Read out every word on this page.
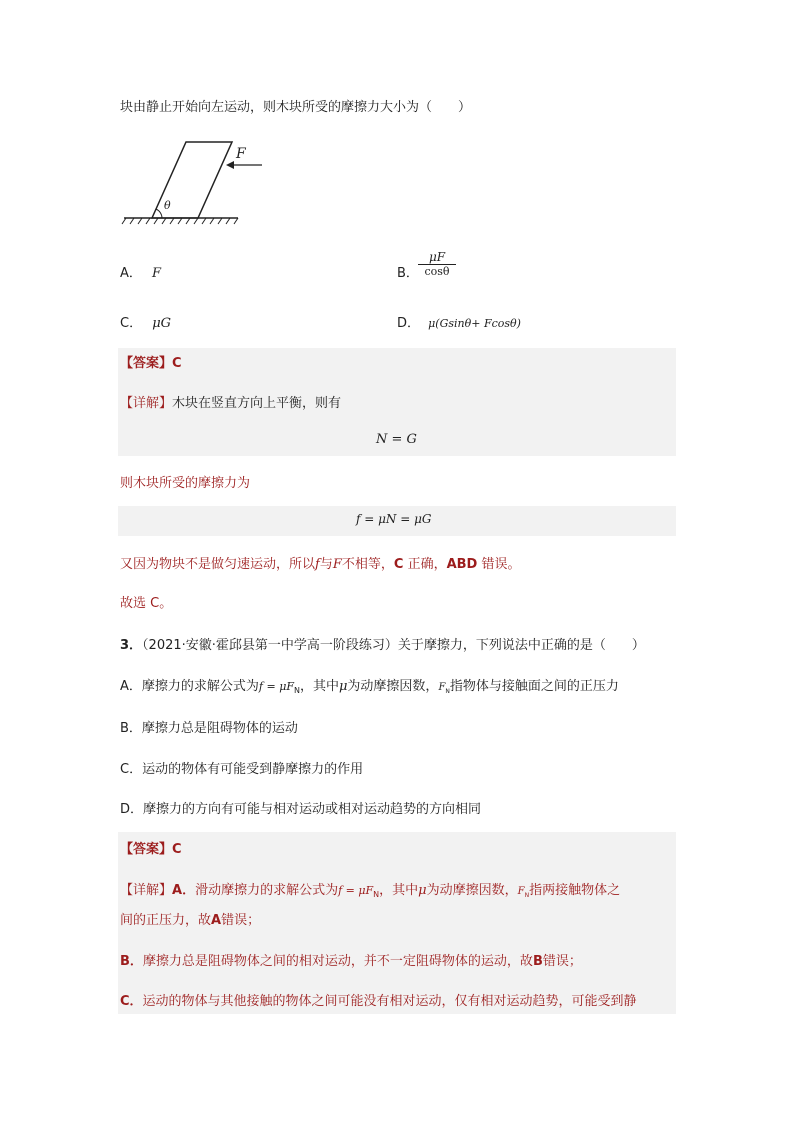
块由静止开始向左运动，则木块所受的摩擦力大小为（　　）
θ
F
A． F	B． $\frac{\mu F}{\cos\theta}$
C． μG	D． μ(Gsinθ+ Fcosθ)
【答案】C
【详解】木块在竖直方向上平衡，则有
N = G
则木块所受的摩擦力为
f = μN = μG
又因为物块不是做匀速运动，所以f与F不相等，C 正确，ABD 错误。
故选 C。
3．（2021·安徽·霍邱县第一中学高一阶段练习）关于摩擦力，下列说法中正确的是（　　）
A．摩擦力的求解公式为$f = \mu F_N$，其中μ为动摩擦因数，$F_N$指物体与接触面之间的正压力
B．摩擦力总是阻碍物体的运动
C．运动的物体有可能受到静摩擦力的作用
D．摩擦力的方向有可能与相对运动或相对运动趋势的方向相同
【答案】C
【详解】A．滑动摩擦力的求解公式为$f = \mu F_N$，其中μ为动摩擦因数，$F_N$指两接触物体之
间的正压力，故A错误；
B．摩擦力总是阻碍物体之间的相对运动，并不一定阻碍物体的运动，故B错误；
C．运动的物体与其他接触的物体之间可能没有相对运动，仅有相对运动趋势，可能受到静
